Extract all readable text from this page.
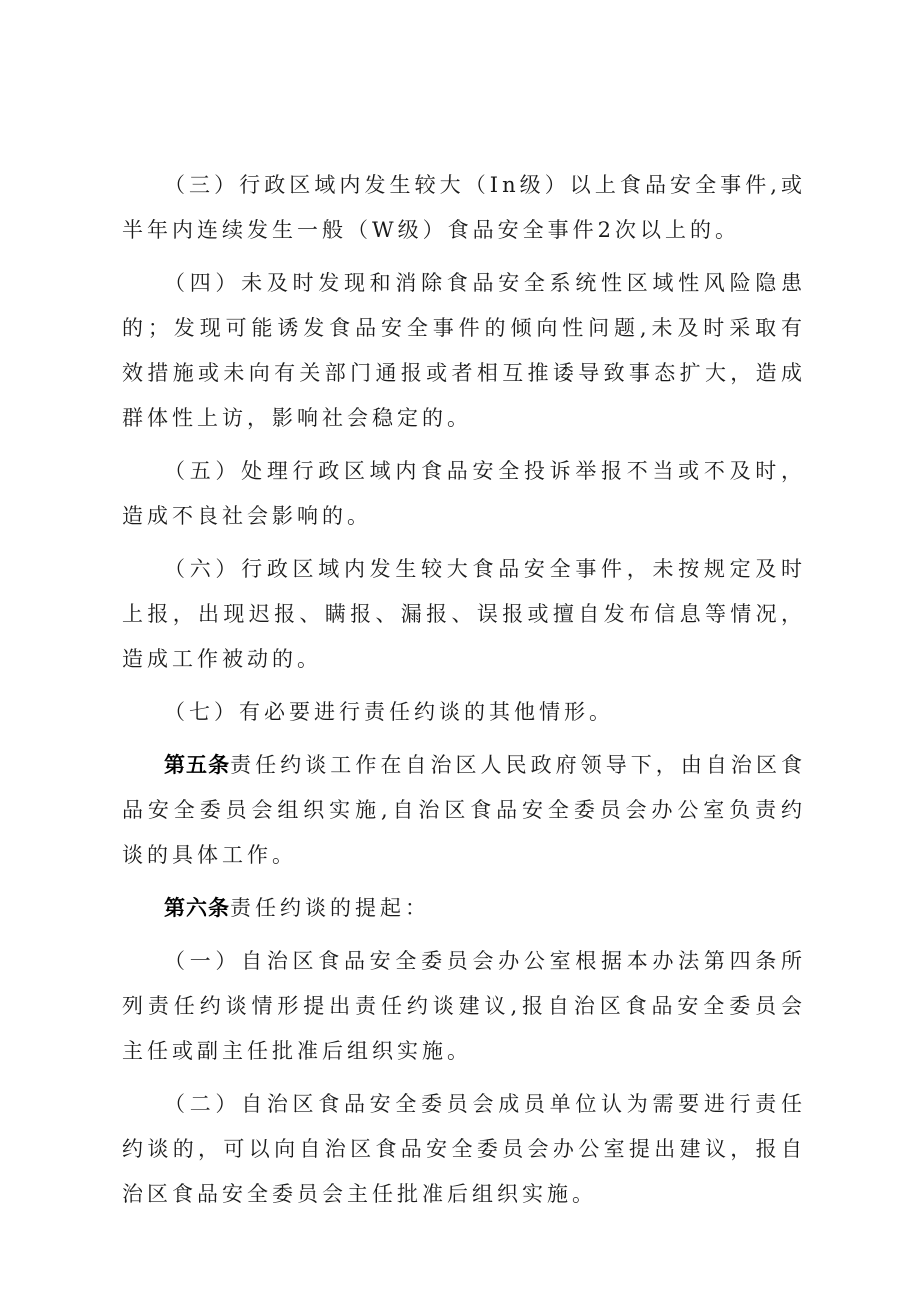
（三）行政区域内发生较大（In级）以上食品安全事件,或半年内连续发生一般（W级）食品安全事件2次以上的。

（四）未及时发现和消除食品安全系统性区域性风险隐患的；发现可能诱发食品安全事件的倾向性问题,未及时采取有效措施或未向有关部门通报或者相互推诿导致事态扩大，造成群体性上访，影响社会稳定的。

（五）处理行政区域内食品安全投诉举报不当或不及时，造成不良社会影响的。

（六）行政区域内发生较大食品安全事件，未按规定及时上报，出现迟报、瞒报、漏报、误报或擅自发布信息等情况，造成工作被动的。

（七）有必要进行责任约谈的其他情形。

第五条责任约谈工作在自治区人民政府领导下，由自治区食品安全委员会组织实施,自治区食品安全委员会办公室负责约谈的具体工作。

第六条责任约谈的提起：

（一）自治区食品安全委员会办公室根据本办法第四条所列责任约谈情形提出责任约谈建议,报自治区食品安全委员会主任或副主任批准后组织实施。

（二）自治区食品安全委员会成员单位认为需要进行责任约谈的，可以向自治区食品安全委员会办公室提出建议，报自治区食品安全委员会主任批准后组织实施。
